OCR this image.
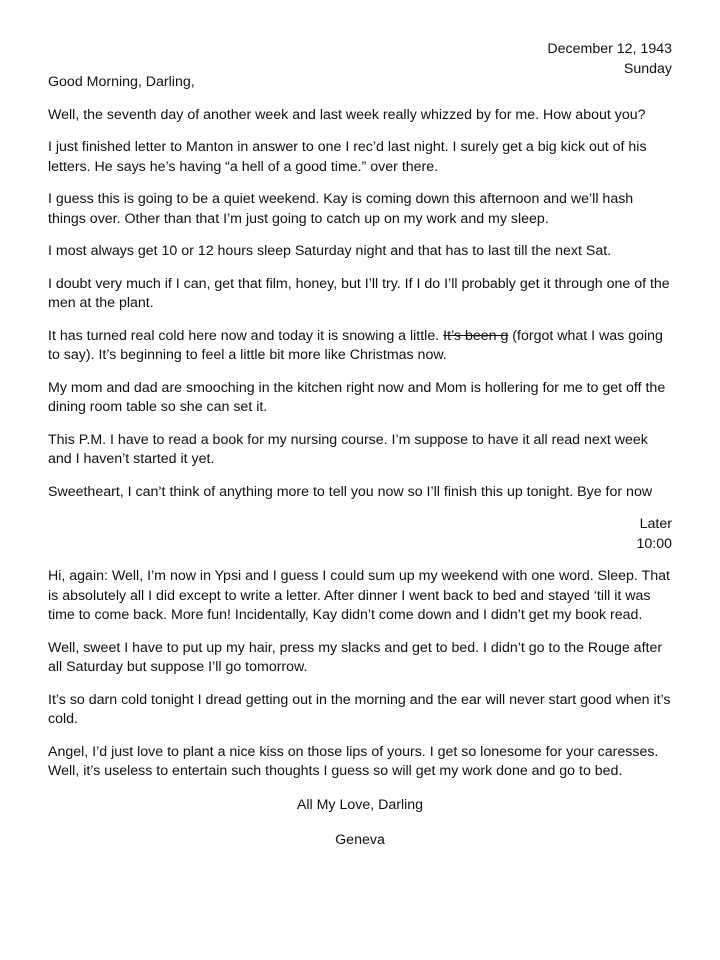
December 12, 1943

Sunday

Good Morning, Darling,

Well, the seventh day of another week and last week really whizzed by for me. How about you?

I just finished letter to Manton in answer to one I rec’d last night. I surely get a big kick out of his letters. He says he’s having “a hell of a good time.” over there.

I guess this is going to be a quiet weekend. Kay is coming down this afternoon and we’ll hash things over. Other than that I’m just going to catch up on my work and my sleep.

I most always get 10 or 12 hours sleep Saturday night and that has to last till the next Sat.

I doubt very much if I can, get that film, honey, but I’ll try. If I do I’ll probably get it through one of the men at the plant.

It has turned real cold here now and today it is snowing a little. It’s been g (forgot what I was going to say). It’s beginning to feel a little bit more like Christmas now.

My mom and dad are smooching in the kitchen right now and Mom is hollering for me to get off the dining room table so she can set it.

This P.M. I have to read a book for my nursing course. I’m suppose to have it all read next week and I haven’t started it yet.

Sweetheart, I can’t think of anything more to tell you now so I’ll finish this up tonight. Bye for now

Later

10:00

Hi, again: Well, I’m now in Ypsi and I guess I could sum up my weekend with one word. Sleep. That is absolutely all I did except to write a letter. After dinner I went back to bed and stayed ‘till it was time to come back. More fun! Incidentally, Kay didn’t come down and I didn’t get my book read.

Well, sweet I have to put up my hair, press my slacks and get to bed. I didn’t go to the Rouge after all Saturday but suppose I’ll go tomorrow.

It’s so darn cold tonight I dread getting out in the morning and the ear will never start good when it’s cold.

Angel, I’d just love to plant a nice kiss on those lips of yours. I get so lonesome for your caresses. Well, it’s useless to entertain such thoughts I guess so will get my work done and go to bed.

All My Love, Darling

Geneva
